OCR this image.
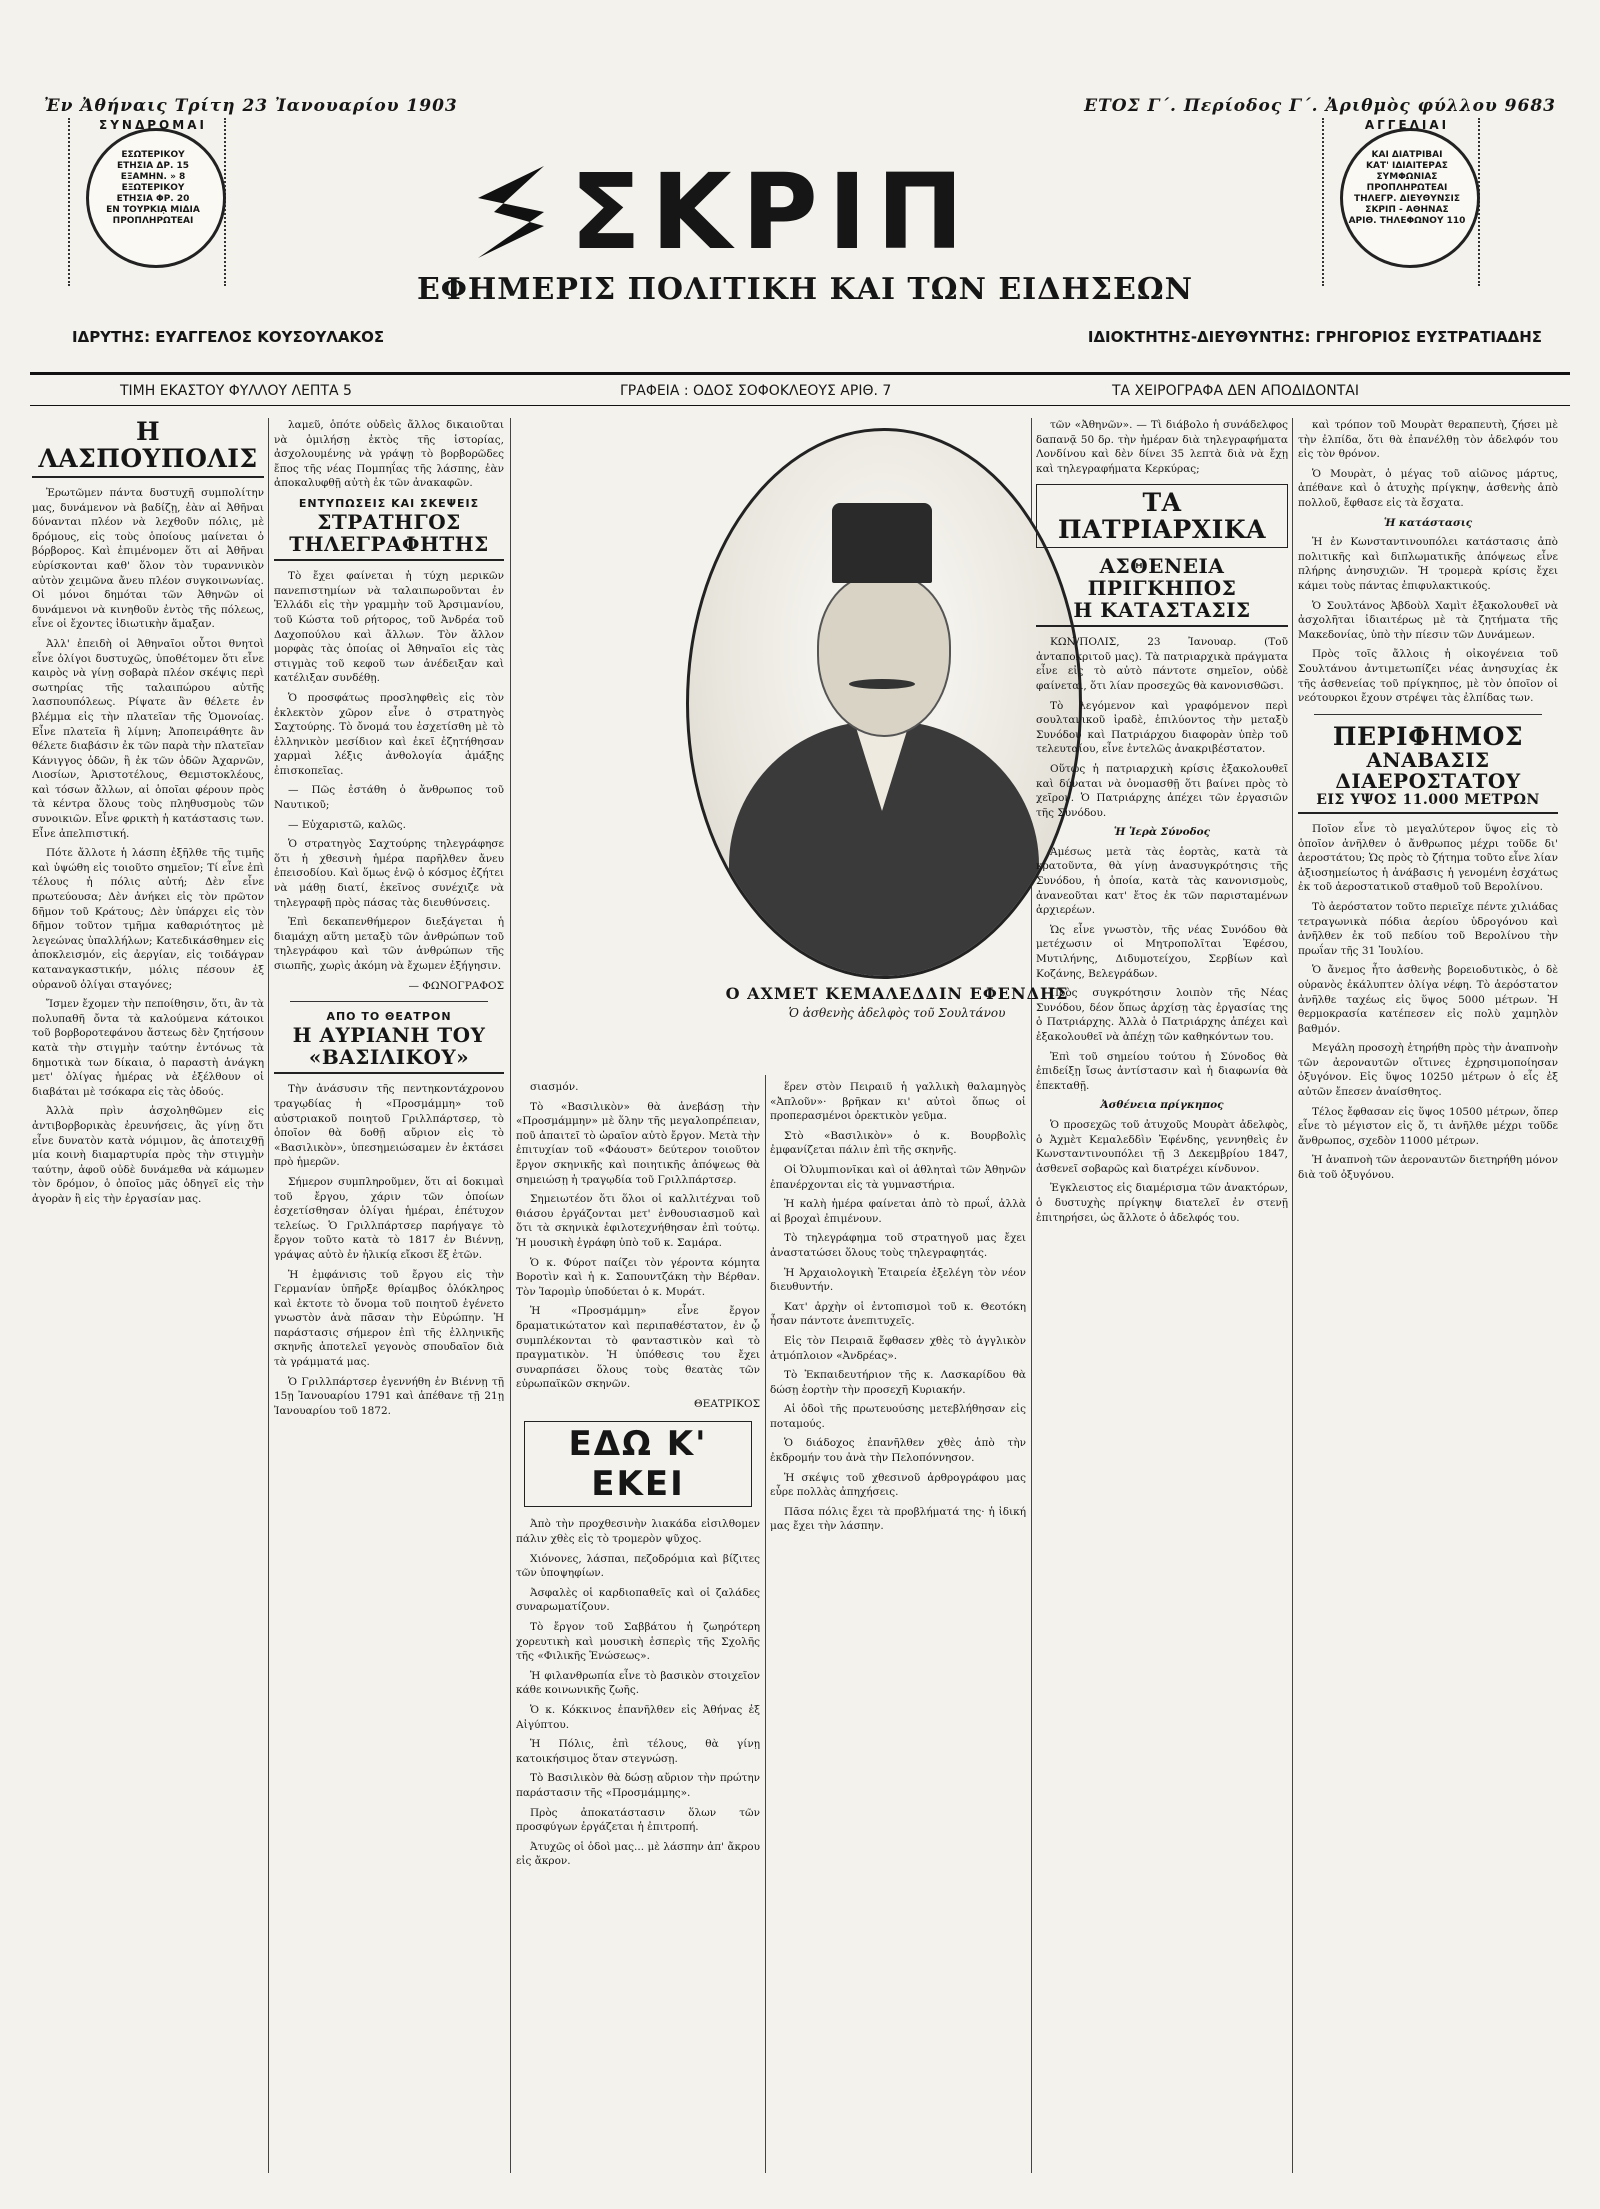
Ἐν Ἀθήναις Τρίτη 23 Ἰανουαρίου 1903	ΕΤΟΣ Γ΄. Περίοδος Γ΄. Ἀριθμὸς φύλλου 9683
ΣΥΝΔΡΟΜΑΙ
ΕΣΩΤΕΡΙΚΟΥ
ΕΤΗΣΙΑ ΔΡ. 15
ΕΞΑΜΗΝ. » 8
ΕΞΩΤΕΡΙΚΟΥ
ΕΤΗΣΙΑ ΦΡ. 20
ΕΝ ΤΟΥΡΚΙᾼ ΜΙΔΙΑ
ΠΡΟΠΛΗΡΩΤΕΑΙ	ΣΚΡΙΠ
ΕΦΗΜΕΡΙΣ ΠΟΛΙΤΙΚΗ ΚΑΙ ΤΩΝ ΕΙΔΗΣΕΩΝ
ΙΔΡΥΤΗΣ: ΕΥΑΓΓΕΛΟΣ ΚΟΥΣΟΥΛΑΚΟΣ	ΙΔΙΟΚΤΗΤΗΣ-ΔΙΕΥΘΥΝΤΗΣ: ΓΡΗΓΟΡΙΟΣ ΕΥΣΤΡΑΤΙΑΔΗΣ
ΑΓΓΕΛΙΑΙ
ΚΑΙ ΔΙΑΤΡΙΒΑΙ
ΚΑΤ' ΙΔΙΑΙΤΕΡΑΣ
ΣΥΜΦΩΝΙΑΣ
ΠΡΟΠΛΗΡΩΤΕΑΙ
ΤΗΛΕΓΡ. ΔΙΕΥΘΥΝΣΙΣ
ΣΚΡΙΠ - ΑΘΗΝΑΣ
ΑΡΙΘ. ΤΗΛΕΦΩΝΟΥ 110
ΤΙΜΗ ΕΚΑΣΤΟΥ ΦΥΛΛΟΥ ΛΕΠΤΑ 5	ΓΡΑΦΕΙΑ : ΟΔΟΣ ΣΟΦΟΚΛΕΟΥΣ ΑΡΙΘ. 7	ΤΑ ΧΕΙΡΟΓΡΑΦΑ ΔΕΝ ΑΠΟΔΙΔΟΝΤΑΙ
Η ΛΑΣΠΟΥΠΟΛΙΣ

Ἐρωτῶμεν πάντα δυστυχῆ συμπολίτην μας, δυνάμενον νὰ βαδίζῃ, ἐὰν αἱ Ἀθῆναι δύνανται πλέον νὰ λεχθοῦν πόλις, μὲ δρόμους, εἰς τοὺς ὁποίους μαίνεται ὁ βόρβορος. Καὶ ἐπιμένομεν ὅτι αἱ Ἀθῆναι εὑρίσκονται καθ' ὅλον τὸν τυραννικὸν αὐτὸν χειμῶνα ἄνευ πλέον συγκοινωνίας. Οἱ μόνοι δημόται τῶν Ἀθηνῶν οἱ δυνάμενοι νὰ κινηθοῦν ἐντὸς τῆς πόλεως, εἶνε οἱ ἔχοντες ἰδιωτικὴν ἅμαξαν.

Ἀλλ' ἐπειδὴ οἱ Ἀθηναῖοι οὗτοι θνητοὶ εἶνε ὀλίγοι δυστυχῶς, ὑποθέτομεν ὅτι εἶνε καιρὸς νὰ γίνῃ σοβαρὰ πλέον σκέψις περὶ σωτηρίας τῆς ταλαιπώρου αὐτῆς λασπουπόλεως. Ρίψατε ἂν θέλετε ἐν βλέμμα εἰς τὴν πλατεῖαν τῆς Ὁμονοίας. Εἶνε πλατεῖα ἢ λίμνη; Ἀποπειράθητε ἂν θέλετε διαβάσιν ἐκ τῶν παρὰ τὴν πλατεῖαν Κάνιγγος ὁδῶν, ἢ ἐκ τῶν ὁδῶν Ἀχαρνῶν, Λιοσίων, Ἀριστοτέλους, Θεμιστοκλέους, καὶ τόσων ἄλλων, αἱ ὁποῖαι φέρουν πρὸς τὰ κέντρα ὅλους τοὺς πληθυσμοὺς τῶν συνοικιῶν. Εἶνε φρικτὴ ἡ κατάστασις των. Εἶνε ἀπελπιστική.

Πότε ἄλλοτε ἡ λάσπη ἐξῆλθε τῆς τιμῆς καὶ ὑψώθη εἰς τοιοῦτο σημεῖον; Τί εἶνε ἐπὶ τέλους ἡ πόλις αὐτή; Δὲν εἶνε πρωτεύουσα; Δὲν ἀνήκει εἰς τὸν πρῶτον δῆμον τοῦ Κράτους; Δὲν ὑπάρχει εἰς τὸν δῆμον τοῦτον τμῆμα καθαριότητος μὲ λεγεώνας ὑπαλλήλων; Κατεδικάσθημεν εἰς ἀποκλεισμόν, εἰς ἀεργίαν, εἰς τοιδάγραν καταναγκαστικήν, μόλις πέσουν ἐξ οὐρανοῦ ὀλίγαι σταγόνες;

Ἴσμεν ἔχομεν τὴν πεποίθησιν, ὅτι, ἂν τὰ πολυπαθῆ ὄντα τὰ καλούμενα κάτοικοι τοῦ βορβοροτεφάνου ἄστεως δὲν ζητήσουν κατὰ τὴν στιγμὴν ταύτην ἐντόνως τὰ δημοτικὰ των δίκαια, ὁ παραστὴ ἀνάγκη μετ' ὀλίγας ἡμέρας νὰ ἐξέλθουν οἱ διαβάται μὲ τσόκαρα εἰς τὰς ὁδούς.

Ἀλλὰ πρὶν ἀσχοληθῶμεν εἰς ἀντιβορβορικὰς ἐρευνήσεις, ἂς γίνῃ ὅτι εἶνε δυνατὸν κατὰ νόμιμον, ἂς ἀποτειχθῇ μία κοινὴ διαμαρτυρία πρὸς τὴν στιγμὴν ταύτην, ἀφοῦ οὐδὲ δυνάμεθα νὰ κάμωμεν τὸν δρόμον, ὁ ὁποῖος μᾶς ὁδηγεῖ εἰς τὴν ἀγορὰν ἢ εἰς τὴν ἐργασίαν μας.

λαμεῦ, ὁπότε οὐδεὶς ἄλλος δικαιοῦται νὰ ὁμιλήσῃ ἐκτὸς τῆς ἱστορίας, ἀσχολουμένης νὰ γράψῃ τὸ βορβορῶδες ἔπος τῆς νέας Πομπηΐας τῆς λάσπης, ἐὰν ἀποκαλυφθῇ αὐτὴ ἐκ τῶν ἀνακαφῶν.

ΕΝΤΥΠΩΣΕΙΣ ΚΑΙ ΣΚΕΨΕΙΣ
ΣΤΡΑΤΗΓΟΣ ΤΗΛΕΓΡΑΦΗΤΗΣ

Τὸ ἔχει φαίνεται ἡ τύχη μερικῶν πανεπιστημίων νὰ ταλαιπωροῦνται ἐν Ἑλλάδι εἰς τὴν γραμμὴν τοῦ Ἀρσιμανίου, τοῦ Κώστα τοῦ ρήτορος, τοῦ Ἀνδρέα τοῦ Δαχοπούλου καὶ ἄλλων. Τὸν ἄλλον μορφὰς τὰς ὁποίας οἱ Ἀθηναῖοι εἰς τὰς στιγμὰς τοῦ κεφοῦ των ἀνέδειξαν καὶ κατέλιξαν συνδέθῃ.

Ὁ προσφάτως προσληφθεὶς εἰς τὸν ἐκλεκτὸν χῶρον εἶνε ὁ στρατηγὸς Σαχτούρης. Τὸ ὄνομά του ἐσχετίσθη μὲ τὸ ἑλληνικὸν μεσίδιον καὶ ἐκεῖ ἐζητήθησαν χαρμαὶ λέξις ἀνθολογία ἁμάξης ἐπισκοπεῖας.

— Πῶς ἐστάθη ὁ ἄνθρωπος τοῦ Ναυτικοῦ;

— Εὐχαριστῶ, καλῶς.

Ὁ στρατηγὸς Σαχτούρης τηλεγράφησε ὅτι ἡ χθεσινὴ ἡμέρα παρῆλθεν ἄνευ ἐπεισοδίου. Καὶ ὅμως ἐνῷ ὁ κόσμος ἐζήτει νὰ μάθῃ διατί, ἐκεῖνος συνέχιζε νὰ τηλεγραφῇ πρὸς πάσας τὰς διευθύνσεις.

Ἐπὶ δεκαπενθήμερον διεξάγεται ἡ διαμάχη αὕτη μεταξὺ τῶν ἀνθρώπων τοῦ τηλεγράφου καὶ τῶν ἀνθρώπων τῆς σιωπῆς, χωρὶς ἀκόμη νὰ ἔχωμεν ἐξήγησιν.

— ΦΩΝΟΓΡΑΦΟΣ

ΑΠΟ ΤΟ ΘΕΑΤΡΟΝ
Η ΑΥΡΙΑΝΗ ΤΟΥ «ΒΑΣΙΛΙΚΟΥ»

Τὴν ἀνάσυσιν τῆς πεντηκοντάχρονου τραγῳδίας ἡ «Προσμάμμη» τοῦ αὐστριακοῦ ποιητοῦ Γριλλπάρτσερ, τὸ ὁποῖον θὰ δοθῇ αὔριον εἰς τὸ «Βασιλικὸν», ὑπεσημειώσαμεν ἐν ἐκτάσει πρὸ ἡμερῶν.

Σήμερον συμπληροῦμεν, ὅτι αἱ δοκιμαὶ τοῦ ἔργου, χάριν τῶν ὁποίων ἐσχετίσθησαν ὀλίγαι ἡμέραι, ἐπέτυχον τελείως. Ὁ Γριλλπάρτσερ παρήγαγε τὸ ἔργον τοῦτο κατὰ τὸ 1817 ἐν Βιέννῃ, γράψας αὐτὸ ἐν ἡλικίᾳ εἴκοσι ἕξ ἐτῶν.

Ἡ ἐμφάνισις τοῦ ἔργου εἰς τὴν Γερμανίαν ὑπῆρξε θρίαμβος ὁλόκληρος καὶ ἐκτοτε τὸ ὄνομα τοῦ ποιητοῦ ἐγένετο γνωστὸν ἀνὰ πᾶσαν τὴν Εὐρώπην. Ἡ παράστασις σήμερον ἐπὶ τῆς ἑλληνικῆς σκηνῆς ἀποτελεῖ γεγονὸς σπουδαῖον διὰ τὰ γράμματά μας.

Ὁ Γριλλπάρτσερ ἐγεννήθη ἐν Βιέννῃ τῇ 15ῃ Ἰανουαρίου 1791 καὶ ἀπέθανε τῇ 21ῃ Ἰανουαρίου τοῦ 1872.

Ο ΑΧΜΕΤ ΚΕΜΑΛΕΔΔΙΝ ΕΦΕΝΔΗΣ
Ὁ ἀσθενὴς ἀδελφὸς τοῦ Σουλτάνου

σιασμόν.

Τὸ «Βασιλικὸν» θὰ ἀνεβάσῃ τὴν «Προσμάμμην» μὲ ὅλην τῆς μεγαλοπρέπειαν, ποῦ ἀπαιτεῖ τὸ ὡραῖον αὐτὸ ἔργον. Μετὰ τὴν ἐπιτυχίαν τοῦ «Φάουστ» δεύτερον τοιοῦτον ἔργον σκηνικῆς καὶ ποιητικῆς ἀπόψεως θὰ σημειώσῃ ἡ τραγῳδία τοῦ Γριλλπάρτσερ.

Σημειωτέον ὅτι ὅλοι οἱ καλλιτέχναι τοῦ θιάσου ἐργάζονται μετ' ἐνθουσιασμοῦ καὶ ὅτι τὰ σκηνικὰ ἐφιλοτεχνήθησαν ἐπὶ τούτῳ. Ἡ μουσικὴ ἐγράφη ὑπὸ τοῦ κ. Σαμάρα.

Ὁ κ. Φύροτ παίζει τὸν γέροντα κόμητα Βοροτὶν καὶ ἡ κ. Σαπουντζάκη τὴν Βέρθαν. Τὸν Ἰαρομὶρ ὑποδύεται ὁ κ. Μυράτ.

Ἡ «Προσμάμμη» εἶνε ἔργον δραματικώτατον καὶ περιπαθέστατον, ἐν ᾧ συμπλέκονται τὸ φανταστικὸν καὶ τὸ πραγματικὸν. Ἡ ὑπόθεσις του ἔχει συναρπάσει ὅλους τοὺς θεατὰς τῶν εὐρωπαϊκῶν σκηνῶν.

ΘΕΑΤΡΙΚΟΣ

ΕΔΩ Κ' ΕΚΕΙ

Ἀπὸ τὴν προχθεσινὴν λιακάδα εἰσιλθομεν πάλιν χθὲς εἰς τὸ τρομερὸν ψῦχος.

Χιόνονες, λάσπαι, πεζοδρόμια καὶ βίζιτες τῶν ὑποψηφίων.

Ἀσφαλὲς οἱ καρδιοπαθεῖς καὶ οἱ ζαλάδες συναρωματίζουν.

Τὸ ἔργον τοῦ Σαββάτου ἡ ζωηρότερη χορευτικὴ καὶ μουσικὴ ἑσπερὶς τῆς Σχολῆς τῆς «Φιλικῆς Ἑνώσεως».

Ἡ φιλανθρωπία εἶνε τὸ βασικὸν στοιχεῖον κάθε κοινωνικῆς ζωῆς.

Ὁ κ. Κόκκινος ἐπανῆλθεν εἰς Ἀθήνας ἐξ Αἰγύπτου.

Ἡ Πόλις, ἐπὶ τέλους, θὰ γίνῃ κατοικήσιμος ὅταν στεγνώσῃ.

Τὸ Βασιλικὸν θὰ δώσῃ αὔριον τὴν πρώτην παράστασιν τῆς «Προσμάμμης».

Πρὸς ἀποκατάστασιν ὅλων τῶν προσφύγων ἐργάζεται ἡ ἐπιτροπή.

Ἀτυχῶς οἱ ὁδοὶ μας... μὲ λάσπην ἀπ' ἄκρου εἰς ἄκρον.

ἕρεν στὸν Πειραιῦ ἡ γαλλικὴ θαλαμηγὸς «Ἀπλοῦν»· βρῆκαν κι' αὐτοὶ ὅπως οἱ προπερασμένοι ὀρεκτικὸν γεῦμα.

Στὸ «Βασιλικὸν» ὁ κ. Βουρβολὶς ἐμφανίζεται πάλιν ἐπὶ τῆς σκηνῆς.

Οἱ Ὀλυμπιονῖκαι καὶ οἱ ἀθληταὶ τῶν Ἀθηνῶν ἐπανέρχονται εἰς τὰ γυμναστήρια.

Ἡ καλὴ ἡμέρα φαίνεται ἀπὸ τὸ πρωΐ, ἀλλὰ αἱ βροχαὶ ἐπιμένουν.

Τὸ τηλεγράφημα τοῦ στρατηγοῦ μας ἔχει ἀναστατώσει ὅλους τοὺς τηλεγραφητάς.

Ἡ Ἀρχαιολογικὴ Ἑταιρεία ἐξελέγη τὸν νέον διευθυντήν.

Κατ' ἀρχὴν οἱ ἐντοπισμοὶ τοῦ κ. Θεοτόκη ἦσαν πάντοτε ἀνεπιτυχεῖς.

Εἰς τὸν Πειραιᾶ ἔφθασεν χθὲς τὸ ἀγγλικὸν ἀτμόπλοιον «Ἀνδρέας».

Τὸ Ἐκπαιδευτήριον τῆς κ. Λασκαρίδου θὰ δώσῃ ἑορτὴν τὴν προσεχῆ Κυριακήν.

Αἱ ὁδοὶ τῆς πρωτευούσης μετεβλήθησαν εἰς ποταμούς.

Ὁ διάδοχος ἐπανῆλθεν χθὲς ἀπὸ τὴν ἐκδρομήν του ἀνὰ τὴν Πελοπόννησον.

Ἡ σκέψις τοῦ χθεσινοῦ ἀρθρογράφου μας εὗρε πολλὰς ἀπηχήσεις.

Πᾶσα πόλις ἔχει τὰ προβλήματά της· ἡ ἰδική μας ἔχει τὴν λάσπην.

τῶν «Ἀθηνῶν». — Τὶ διάβολο ἡ συνάδελφος δαπανᾷ 50 δρ. τὴν ἡμέραν διὰ τηλεγραφήματα Λονδίνου καὶ δὲν δίνει 35 λεπτὰ διὰ νὰ ἔχῃ καὶ τηλεγραφήματα Κερκύρας;

ΤΑ ΠΑΤΡΙΑΡΧΙΚΑ
ΑΣΘΕΝΕΙΑ ΠΡΙΓΚΗΠΟΣ
Η ΚΑΤΑΣΤΑΣΙΣ

ΚΩΝ/ΠΟΛΙΣ, 23 Ἰανουαρ. (Τοῦ ἀνταποκριτοῦ μας). Τὰ πατριαρχικὰ πράγματα εἶνε εἰς τὸ αὐτὸ πάντοτε σημεῖον, οὐδὲ φαίνεται, ὅτι λίαν προσεχῶς θὰ κανονισθῶσι.

Τὸ λεγόμενον καὶ γραφόμενον περὶ σουλτανικοῦ ἰραδὲ, ἐπιλύοντος τὴν μεταξὺ Συνόδου καὶ Πατριάρχου διαφορὰν ὑπὲρ τοῦ τελευταίου, εἶνε ἐντελῶς ἀνακριβέστατον.

Οὕτως ἡ πατριαρχικὴ κρίσις ἐξακολουθεῖ καὶ δύναται νὰ ὀνομασθῇ ὅτι βαίνει πρὸς τὸ χεῖρον. Ὁ Πατριάρχης ἀπέχει τῶν ἐργασιῶν τῆς Συνόδου.

Ἡ Ἱερὰ Σύνοδος

Ἀμέσως μετὰ τὰς ἑορτὰς, κατὰ τὰ κρατοῦντα, θὰ γίνῃ ἀνασυγκρότησις τῆς Συνόδου, ἡ ὁποία, κατὰ τὰς κανονισμοὺς, ἀνανεοῦται κατ' ἔτος ἐκ τῶν παρισταμένων ἀρχιερέων.

Ὡς εἶνε γνωστὸν, τῆς νέας Συνόδου θὰ μετέχωσιν οἱ Μητροπολῖται Ἐφέσου, Μυτιλήνης, Διδυμοτείχου, Σερβίων καὶ Κοζάνης, Βελεγράδων.

Πρὸς συγκρότησιν λοιπὸν τῆς Νέας Συνόδου, δέον ὅπως ἀρχίσῃ τὰς ἐργασίας της ὁ Πατριάρχης. Ἀλλὰ ὁ Πατριάρχης ἀπέχει καὶ ἐξακολουθεῖ νὰ ἀπέχῃ τῶν καθηκόντων του.

Ἐπὶ τοῦ σημείου τούτου ἡ Σύνοδος θὰ ἐπιδείξῃ ἴσως ἀντίστασιν καὶ ἡ διαφωνία θὰ ἐπεκταθῇ.

Ἀσθένεια πρίγκηπος

Ὁ προσεχῶς τοῦ ἀτυχοῦς Μουρὰτ ἀδελφὸς, ὁ Ἀχμὲτ Κεμαλεδδὶν Ἐφένδης, γεννηθεὶς ἐν Κωνσταντινουπόλει τῇ 3 Δεκεμβρίου 1847, ἀσθενεῖ σοβαρῶς καὶ διατρέχει κίνδυνον.

Ἐγκλειστος εἰς διαμέρισμα τῶν ἀνακτόρων, ὁ δυστυχὴς πρίγκηψ διατελεῖ ἐν στενῇ ἐπιτηρήσει, ὡς ἄλλοτε ὁ ἀδελφός του.

καὶ τρόπον τοῦ Μουρὰτ θεραπευτὴ, ζήσει μὲ τὴν ἐλπίδα, ὅτι θὰ ἐπανέλθῃ τὸν ἀδελφόν του εἰς τὸν θρόνον.

Ὁ Μουρὰτ, ὁ μέγας τοῦ αἰῶνος μάρτυς, ἀπέθανε καὶ ὁ ἀτυχὴς πρίγκηψ, ἀσθενὴς ἀπὸ πολλοῦ, ἔφθασε εἰς τὰ ἔσχατα.

Ἡ κατάστασις

Ἡ ἐν Κωνσταντινουπόλει κατάστασις ἀπὸ πολιτικῆς καὶ διπλωματικῆς ἀπόψεως εἶνε πλήρης ἀνησυχιῶν. Ἡ τρομερὰ κρίσις ἔχει κάμει τοὺς πάντας ἐπιφυλακτικούς.

Ὁ Σουλτάνος Ἀβδοὺλ Χαμὶτ ἐξακολουθεῖ νὰ ἀσχολῆται ἰδιαιτέρως μὲ τὰ ζητήματα τῆς Μακεδονίας, ὑπὸ τὴν πίεσιν τῶν Δυνάμεων.

Πρὸς τοῖς ἄλλοις ἡ οἰκογένεια τοῦ Σουλτάνου ἀντιμετωπίζει νέας ἀνησυχίας ἐκ τῆς ἀσθενείας τοῦ πρίγκηπος, μὲ τὸν ὁποῖον οἱ νεότουρκοι ἔχουν στρέψει τὰς ἐλπίδας των.

ΠΕΡΙΦΗΜΟΣ
ΑΝΑΒΑΣΙΣ ΔΙΑΕΡΟΣΤΑΤΟΥ
ΕΙΣ ΥΨΟΣ 11.000 ΜΕΤΡΩΝ

Ποῖον εἶνε τὸ μεγαλύτερον ὕψος εἰς τὸ ὁποῖον ἀνῆλθεν ὁ ἄνθρωπος μέχρι τοῦδε δι' ἀεροστάτου; Ὡς πρὸς τὸ ζήτημα τοῦτο εἶνε λίαν ἀξιοσημείωτος ἡ ἀνάβασις ἡ γενομένη ἐσχάτως ἐκ τοῦ ἀεροστατικοῦ σταθμοῦ τοῦ Βερολίνου.

Τὸ ἀερόστατον τοῦτο περιεῖχε πέντε χιλιάδας τετραγωνικὰ πόδια ἀερίου ὑδρογόνου καὶ ἀνῆλθεν ἐκ τοῦ πεδίου τοῦ Βερολίνου τὴν πρωΐαν τῆς 31 Ἰουλίου.

Ὁ ἄνεμος ἦτο ἀσθενὴς βορειοδυτικὸς, ὁ δὲ οὐρανὸς ἐκάλυπτεν ὀλίγα νέφη. Τὸ ἀερόστατον ἀνῆλθε ταχέως εἰς ὕψος 5000 μέτρων. Ἡ θερμοκρασία κατέπεσεν εἰς πολὺ χαμηλὸν βαθμόν.

Μεγάλη προσοχὴ ἐτηρήθη πρὸς τὴν ἀναπνοὴν τῶν ἀεροναυτῶν οἵτινες ἐχρησιμοποίησαν ὀξυγόνον. Εἰς ὕψος 10250 μέτρων ὁ εἷς ἐξ αὐτῶν ἔπεσεν ἀναίσθητος.

Τέλος ἔφθασαν εἰς ὕψος 10500 μέτρων, ὅπερ εἶνε τὸ μέγιστον εἰς ὅ, τι ἀνῆλθε μέχρι τοῦδε ἄνθρωπος, σχεδὸν 11000 μέτρων.

Ἡ ἀναπνοὴ τῶν ἀεροναυτῶν διετηρήθη μόνον διὰ τοῦ ὀξυγόνου.
